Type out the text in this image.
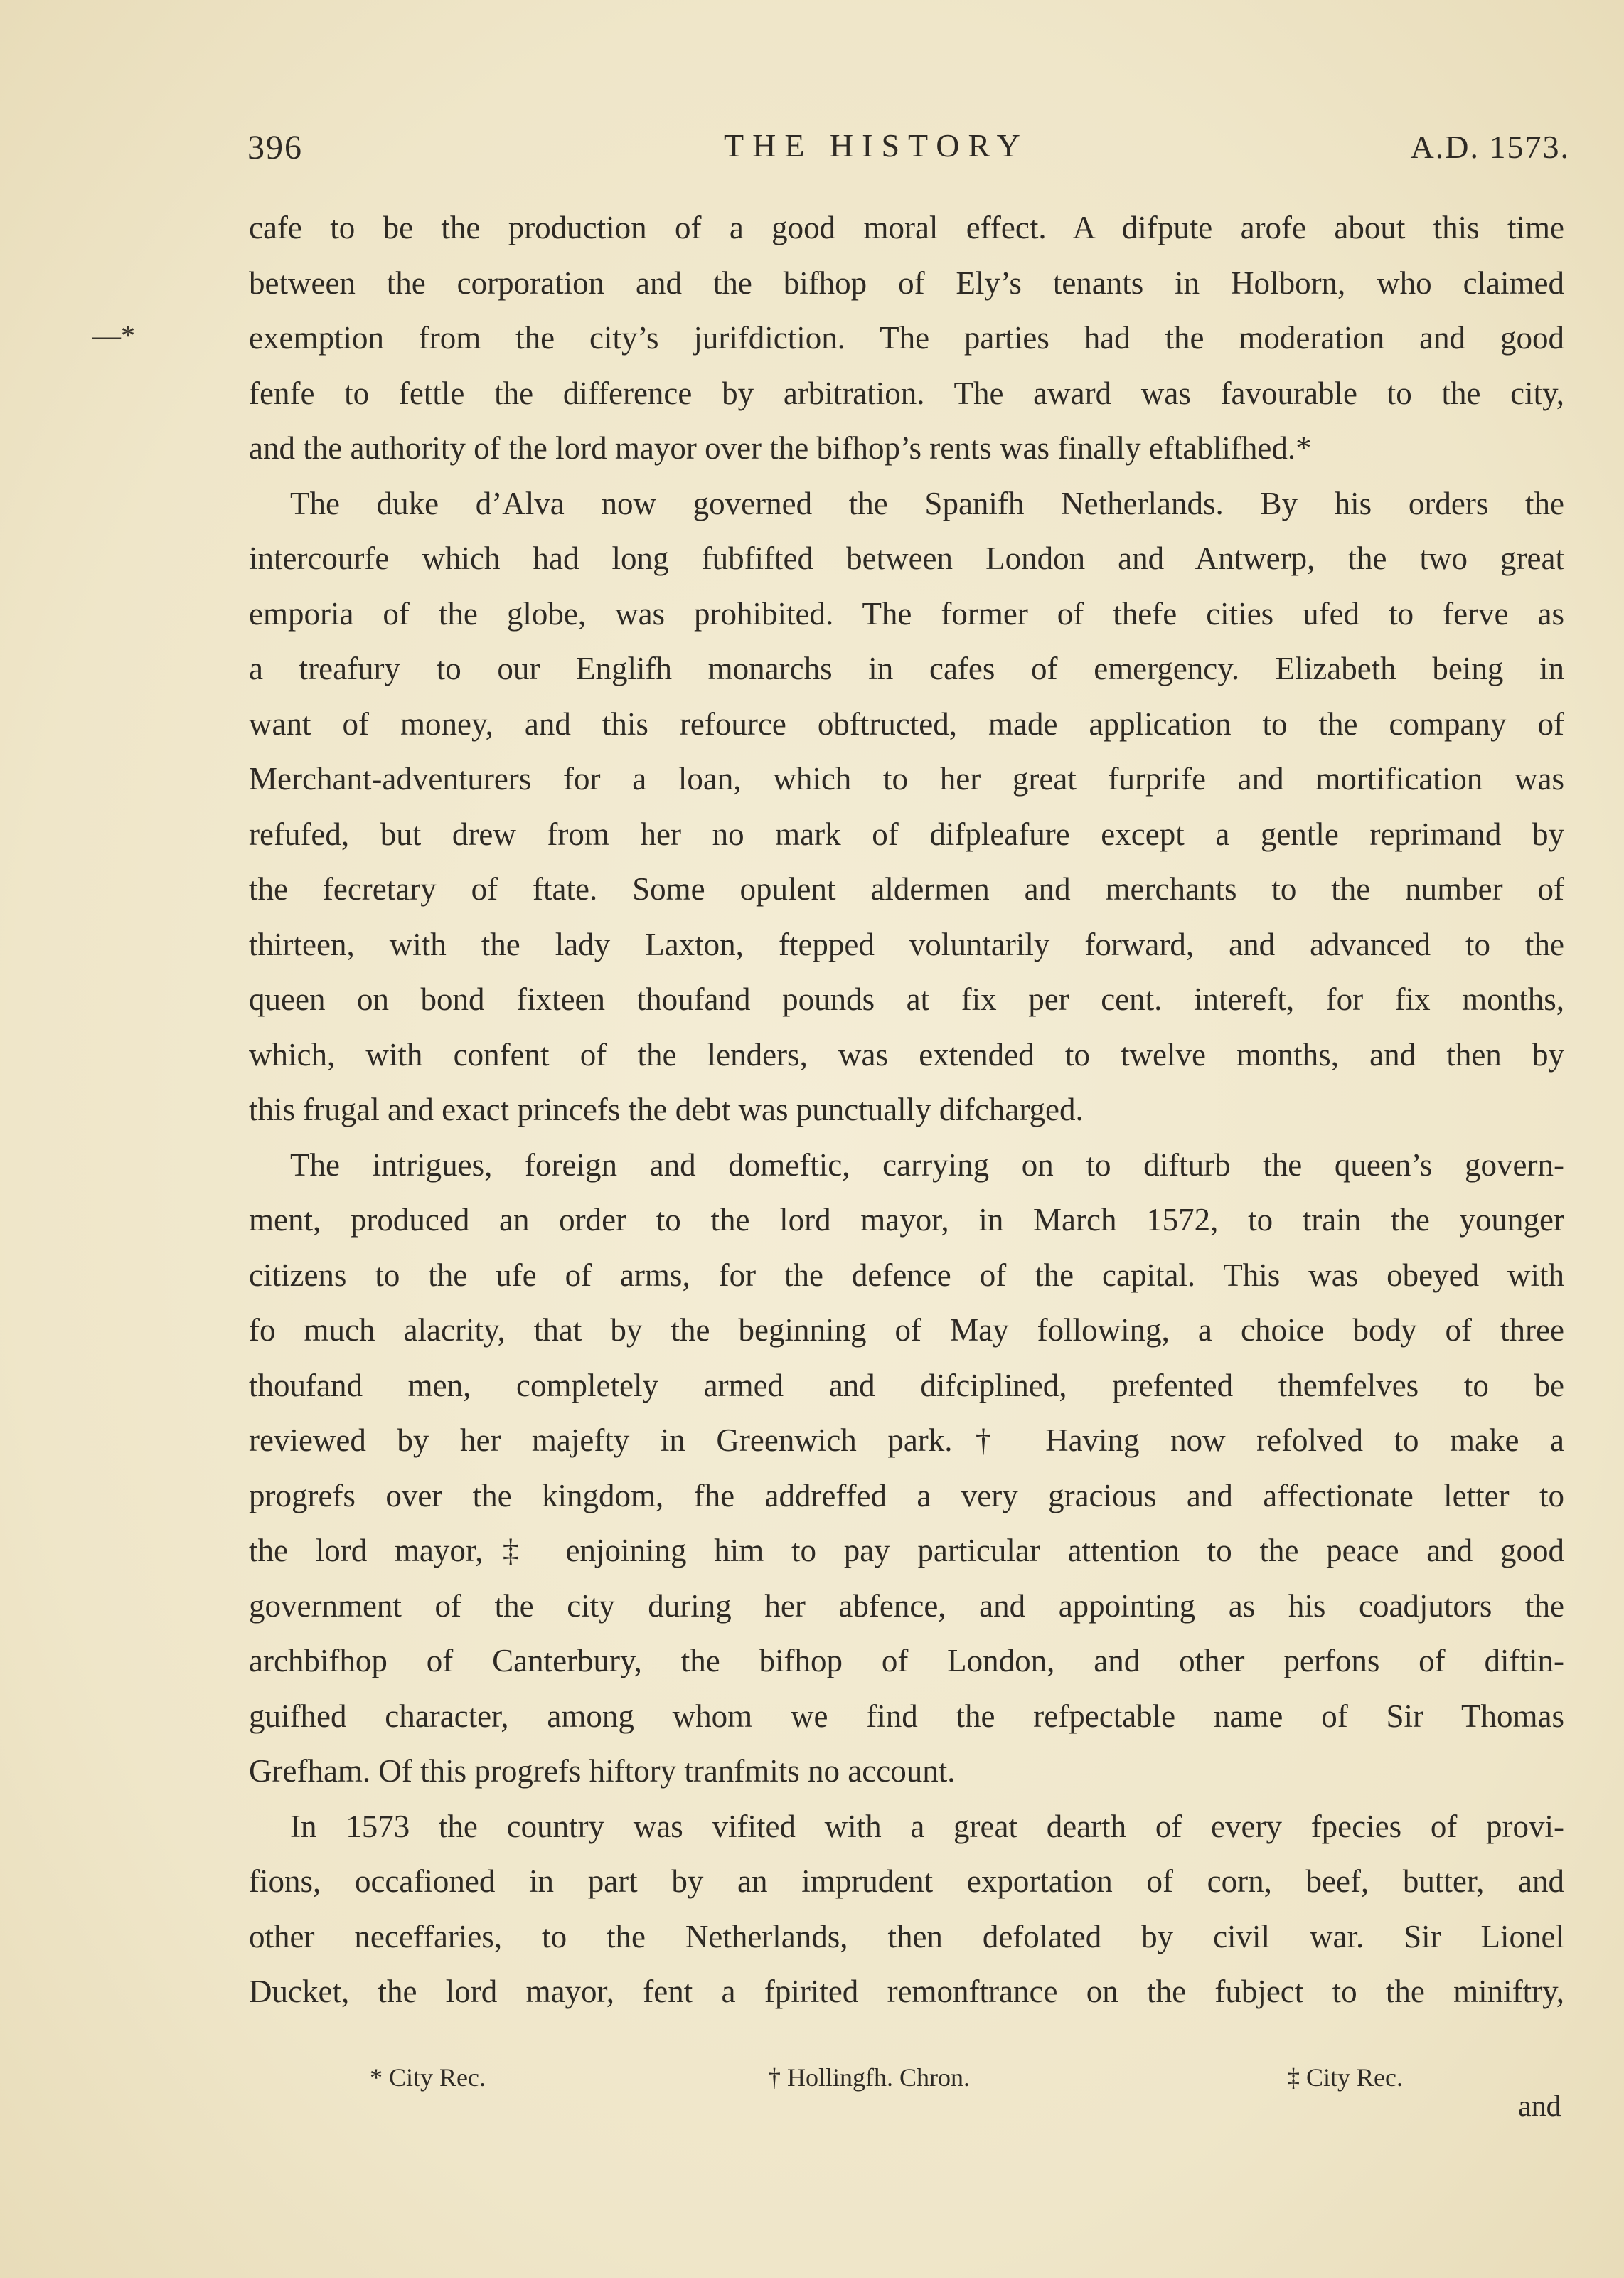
396	THE HISTORY	A.D. 1573.
—*
cafe to be the production of a good moral effect. A difpute arofe about this time
between the corporation and the bifhop of Ely’s tenants in Holborn, who claimed
exemption from the city’s jurifdiction. The parties had the moderation and good
fenfe to fettle the difference by arbitration. The award was favourable to the city,
and the authority of the lord mayor over the bifhop’s rents was finally eftablifhed.*
The duke d’Alva now governed the Spanifh Netherlands. By his orders the
intercourfe which had long fubfifted between London and Antwerp, the two great
emporia of the globe, was prohibited. The former of thefe cities ufed to ferve as
a treafury to our Englifh monarchs in cafes of emergency. Elizabeth being in
want of money, and this refource obftructed, made application to the company of
Merchant-adventurers for a loan, which to her great furprife and mortification was
refufed, but drew from her no mark of difpleafure except a gentle reprimand by
the fecretary of ftate. Some opulent aldermen and merchants to the number of
thirteen, with the lady Laxton, ftepped voluntarily forward, and advanced to the
queen on bond fixteen thoufand pounds at fix per cent. intereft, for fix months,
which, with confent of the lenders, was extended to twelve months, and then by
this frugal and exact princefs the debt was punctually difcharged.
The intrigues, foreign and domeftic, carrying on to difturb the queen’s govern-
ment, produced an order to the lord mayor, in March 1572, to train the younger
citizens to the ufe of arms, for the defence of the capital. This was obeyed with
fo much alacrity, that by the beginning of May following, a choice body of three
thoufand men, completely armed and difciplined, prefented themfelves to be
reviewed by her majefty in Greenwich park.† Having now refolved to make a
progrefs over the kingdom, fhe addreffed a very gracious and affectionate letter to
the lord mayor,‡ enjoining him to pay particular attention to the peace and good
government of the city during her abfence, and appointing as his coadjutors the
archbifhop of Canterbury, the bifhop of London, and other perfons of diftin-
guifhed character, among whom we find the refpectable name of Sir Thomas
Grefham. Of this progrefs hiftory tranfmits no account.
In 1573 the country was vifited with a great dearth of every fpecies of provi-
fions, occafioned in part by an imprudent exportation of corn, beef, butter, and
other neceffaries, to the Netherlands, then defolated by civil war. Sir Lionel
Ducket, the lord mayor, fent a fpirited remonftrance on the fubject to the miniftry,
* City Rec.	† Hollingfh. Chron.	‡ City Rec.
and
